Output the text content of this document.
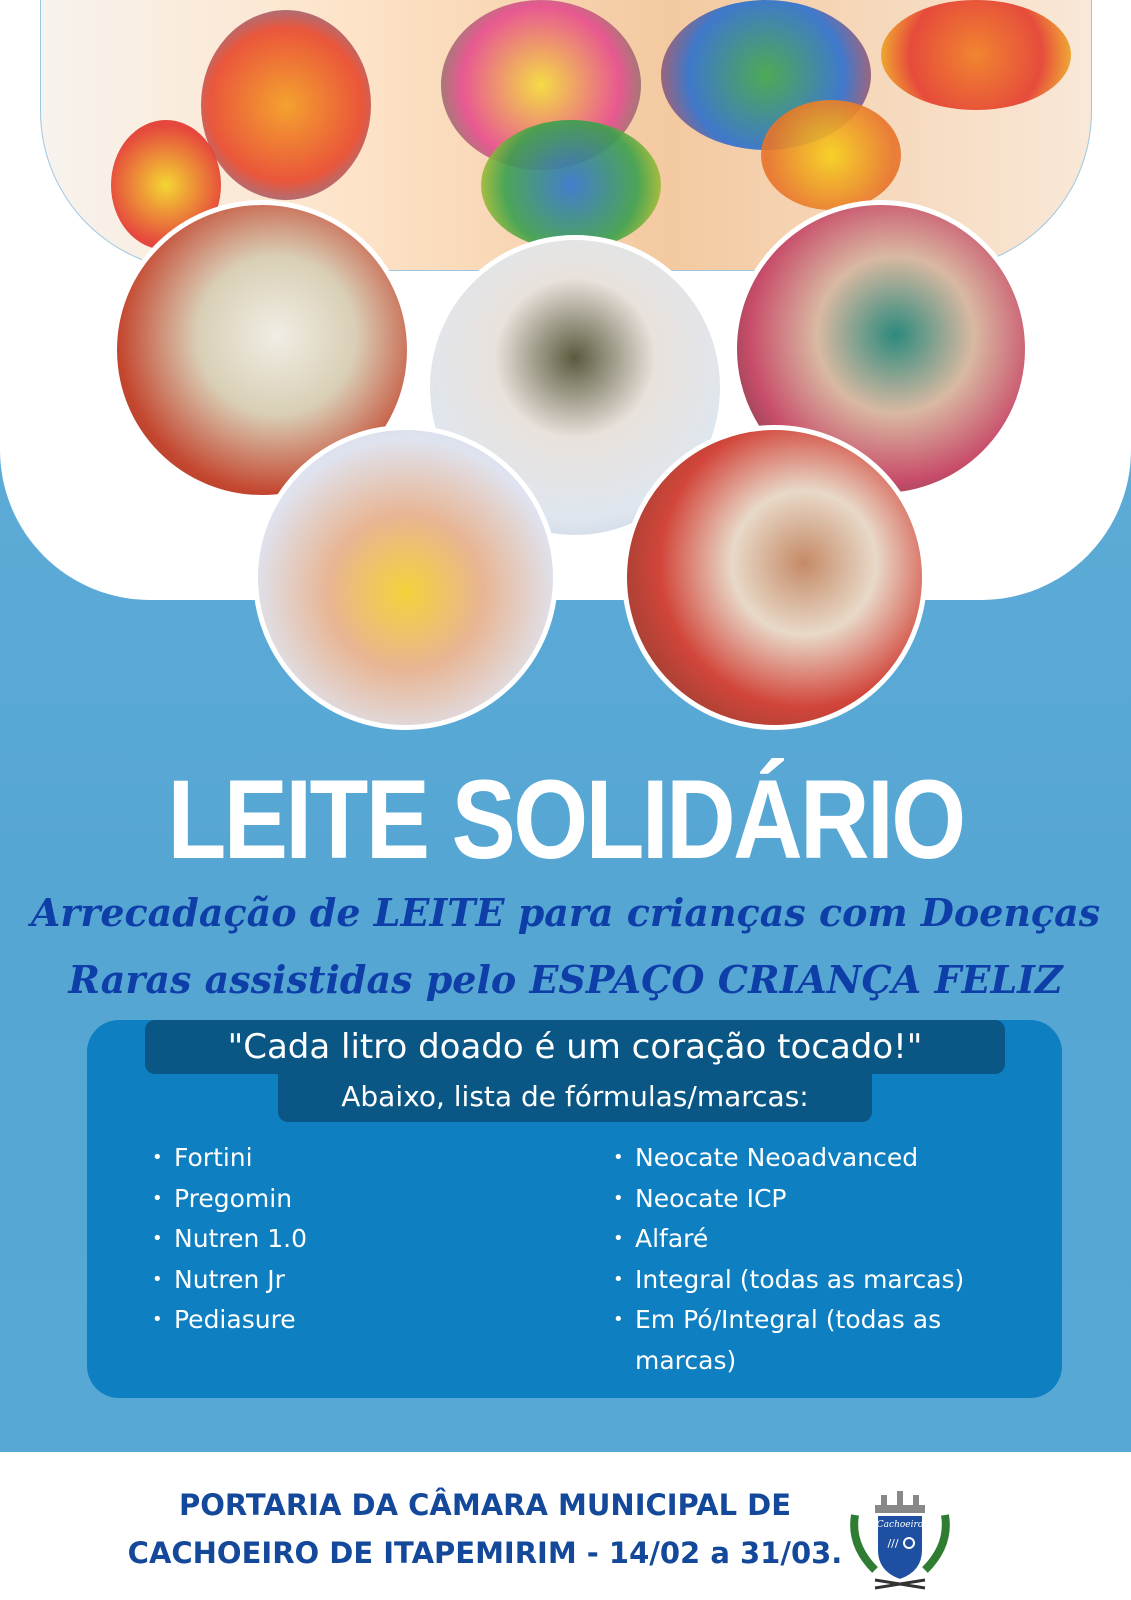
LEITE SOLIDÁRIO
Arrecadação de LEITE para crianças com Doenças
Raras assistidas pelo ESPAÇO CRIANÇA FELIZ
"Cada litro doado é um coração tocado!"
Abaixo, lista de fórmulas/marcas:
• Fortini
• Pregomin
• Nutren 1.0
• Nutren Jr
• Pediasure
• Neocate Neoadvanced
• Neocate ICP
• Alfaré
• Integral (todas as marcas)
• Em Pó/Integral (todas as marcas)
PORTARIA DA CÂMARA MUNICIPAL DE
CACHOEIRO DE ITAPEMIRIM - 14/02 a 31/03.
Cachoeiro
///
